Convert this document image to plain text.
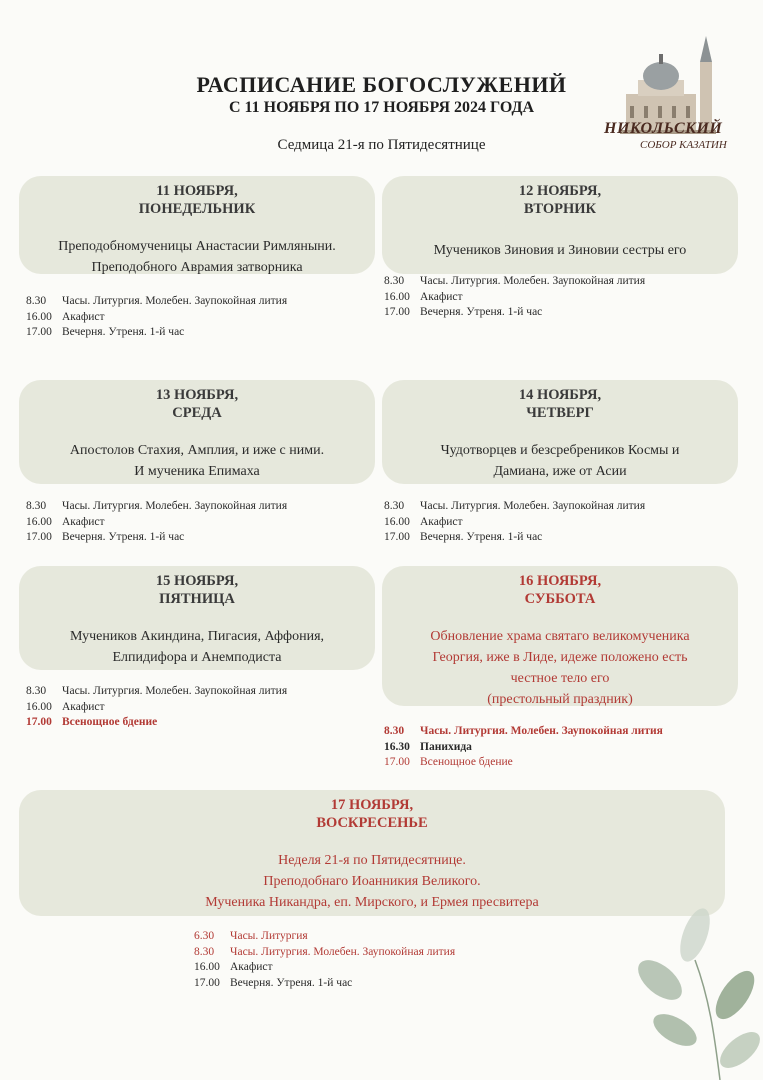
РАСПИСАНИЕ БОГОСЛУЖЕНИЙ
С 11 НОЯБРЯ ПО 17 НОЯБРЯ 2024 ГОДА
Седмица 21-я по Пятидесятнице
НИКОЛЬСКИЙ
СОБОР КАЗАТИН
11 НОЯБРЯ,
ПОНЕДЕЛЬНИК
Преподобномученицы Анастасии Римляныни.
Преподобного Аврамия затворника
8.30 Часы. Литургия. Молебен. Заупокойная лития
16.00 Акафист
17.00 Вечерня. Утреня. 1-й час
12 НОЯБРЯ,
ВТОРНИК
Мучеников Зиновия и Зиновии сестры его
8.30 Часы. Литургия. Молебен. Заупокойная лития
16.00 Акафист
17.00 Вечерня. Утреня. 1-й час
13 НОЯБРЯ,
СРЕДА
Апостолов Стахия, Амплия, и иже с ними.
И мученика Епимаха
8.30 Часы. Литургия. Молебен. Заупокойная лития
16.00 Акафист
17.00 Вечерня. Утреня. 1-й час
14 НОЯБРЯ,
ЧЕТВЕРГ
Чудотворцев и безсребреников Космы и
Дамиана, иже от Асии
8.30 Часы. Литургия. Молебен. Заупокойная лития
16.00 Акафист
17.00 Вечерня. Утреня. 1-й час
15 НОЯБРЯ,
ПЯТНИЦА
Мучеников Акиндина, Пигасия, Аффония,
Елпидифора и Анемподиста
8.30 Часы. Литургия. Молебен. Заупокойная лития
16.00 Акафист
17.00 Всенощное бдение
16 НОЯБРЯ,
СУББОТА
Обновление храма святаго великомученика
Георгия, иже в Лиде, идеже положено есть
честное тело его
(престольный праздник)
8.30 Часы. Литургия. Молебен. Заупокойная лития
16.30 Панихида
17.00 Всенощное бдение
17 НОЯБРЯ,
ВОСКРЕСЕНЬЕ
Неделя 21-я по Пятидесятнице.
Преподобнаго Иоанникия Великого.
Мученика Никандра, еп. Мирского, и Ермея пресвитера
6.30 Часы. Литургия
8.30 Часы. Литургия. Молебен. Заупокойная лития
16.00 Акафист
17.00 Вечерня. Утреня. 1-й час
